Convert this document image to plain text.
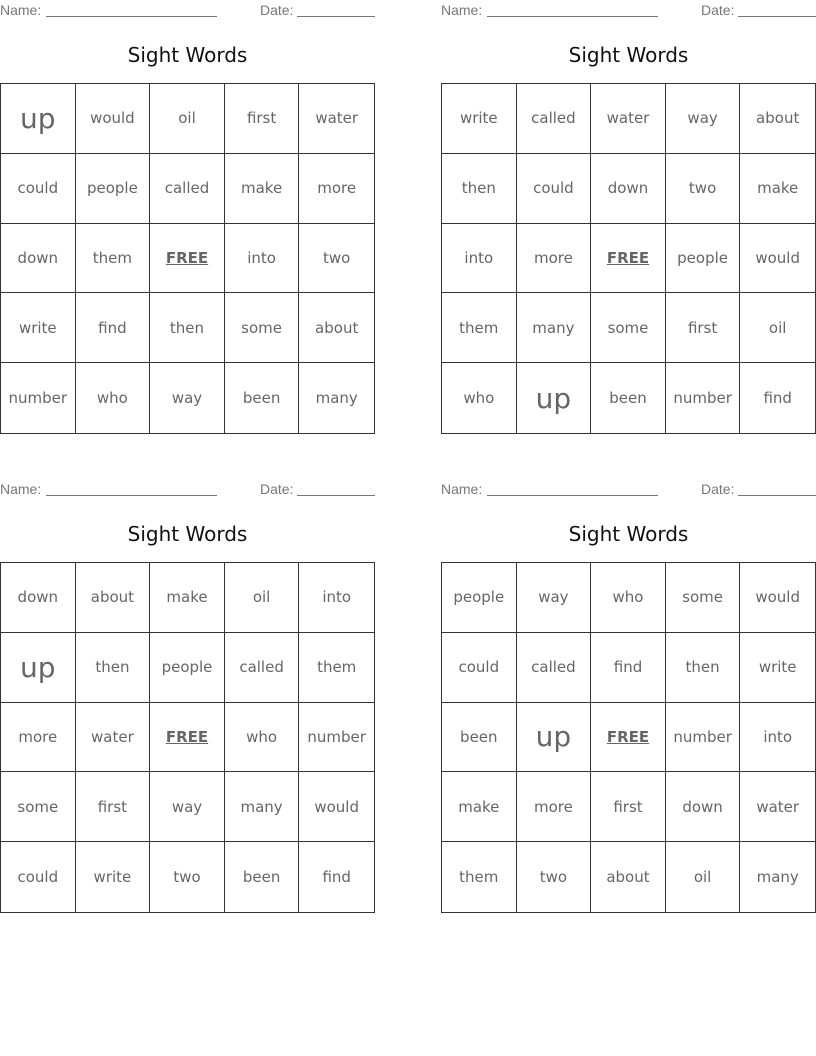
Name:	Date:
Sight Words
up	would	oil	first	water
could	people	called	make	more
down	them	FREE	into	two
write	find	then	some	about
number	who	way	been	many
Name:	Date:
Sight Words
write	called	water	way	about
then	could	down	two	make
into	more	FREE	people	would
them	many	some	first	oil
who	up	been	number	find
Name:	Date:
Sight Words
down	about	make	oil	into
up	then	people	called	them
more	water	FREE	who	number
some	first	way	many	would
could	write	two	been	find
Name:	Date:
Sight Words
people	way	who	some	would
could	called	find	then	write
been	up	FREE	number	into
make	more	first	down	water
them	two	about	oil	many
